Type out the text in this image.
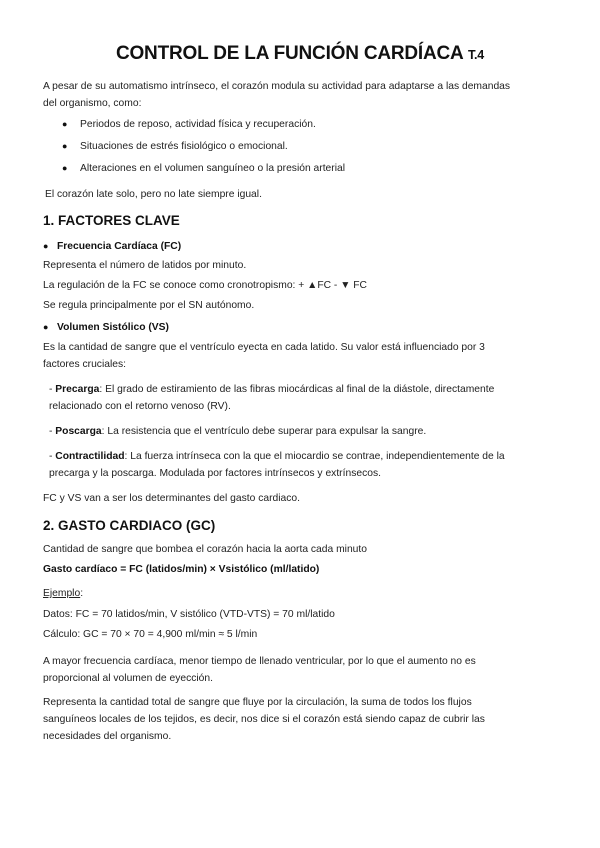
CONTROL DE LA FUNCIÓN CARDÍACA T.4
A pesar de su automatismo intrínseco, el corazón modula su actividad para adaptarse a las demandas
del organismo, como:
● Periodos de reposo, actividad física y recuperación.
● Situaciones de estrés fisiológico o emocional.
● Alteraciones en el volumen sanguíneo o la presión arterial
El corazón late solo, pero no late siempre igual.
1. FACTORES CLAVE
● Frecuencia Cardíaca (FC)
Representa el número de latidos por minuto.
La regulación de la FC se conoce como cronotropismo: + ▲FC - ▼ FC
Se regula principalmente por el SN autónomo.
● Volumen Sistólico (VS)
Es la cantidad de sangre que el ventrículo eyecta en cada latido. Su valor está influenciado por 3
factores cruciales:
- Precarga: El grado de estiramiento de las fibras miocárdicas al final de la diástole, directamente
relacionado con el retorno venoso (RV).
- Poscarga: La resistencia que el ventrículo debe superar para expulsar la sangre.
- Contractilidad: La fuerza intrínseca con la que el miocardio se contrae, independientemente de la
precarga y la poscarga. Modulada por factores intrínsecos y extrínsecos.
FC y VS van a ser los determinantes del gasto cardiaco.
2. GASTO CARDIACO (GC)
Cantidad de sangre que bombea el corazón hacia la aorta cada minuto
Gasto cardíaco = FC (latidos/min) × Vsistólico (ml/latido)
Ejemplo:
Datos: FC = 70 latidos/min, V sistólico (VTD-VTS) = 70 ml/latido
Cálculo: GC = 70 × 70 = 4,900 ml/min ≈ 5 l/min
A mayor frecuencia cardíaca, menor tiempo de llenado ventricular, por lo que el aumento no es
proporcional al volumen de eyección.
Representa la cantidad total de sangre que fluye por la circulación, la suma de todos los flujos
sanguíneos locales de los tejidos, es decir, nos dice si el corazón está siendo capaz de cubrir las
necesidades del organismo.
